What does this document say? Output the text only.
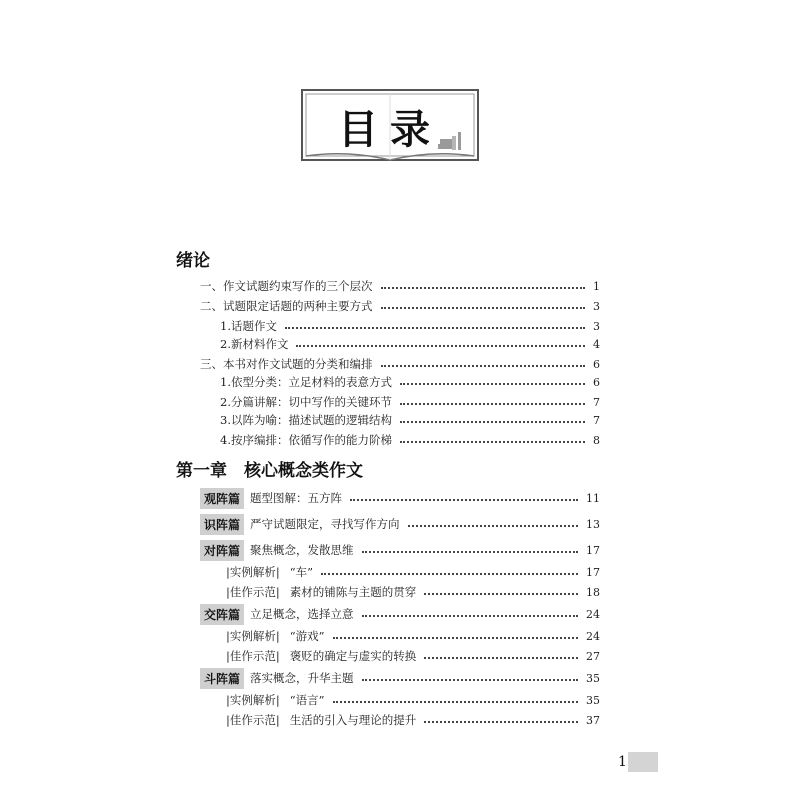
目录
绪论
一、作文试题约束写作的三个层次	1
二、试题限定话题的两种主要方式	3
1.话题作文	3
2.新材料作文	4
三、本书对作文试题的分类和编排	6
1.依型分类：立足材料的表意方式	6
2.分篇讲解：切中写作的关键环节	7
3.以阵为喻：描述试题的逻辑结构	7
4.按序编排：依循写作的能力阶梯	8
第一章　核心概念类作文
观阵篇 题型图解：五方阵	11
识阵篇 严守试题限定，寻找写作方向	13
对阵篇 聚焦概念，发散思维	17
|实例解析| “车”	17
|佳作示范| 素材的铺陈与主题的贯穿	18
交阵篇 立足概念，选择立意	24
|实例解析| “游戏”	24
|佳作示范| 褒贬的确定与虚实的转换	27
斗阵篇 落实概念，升华主题	35
|实例解析| “语言”	35
|佳作示范| 生活的引入与理论的提升	37
1
